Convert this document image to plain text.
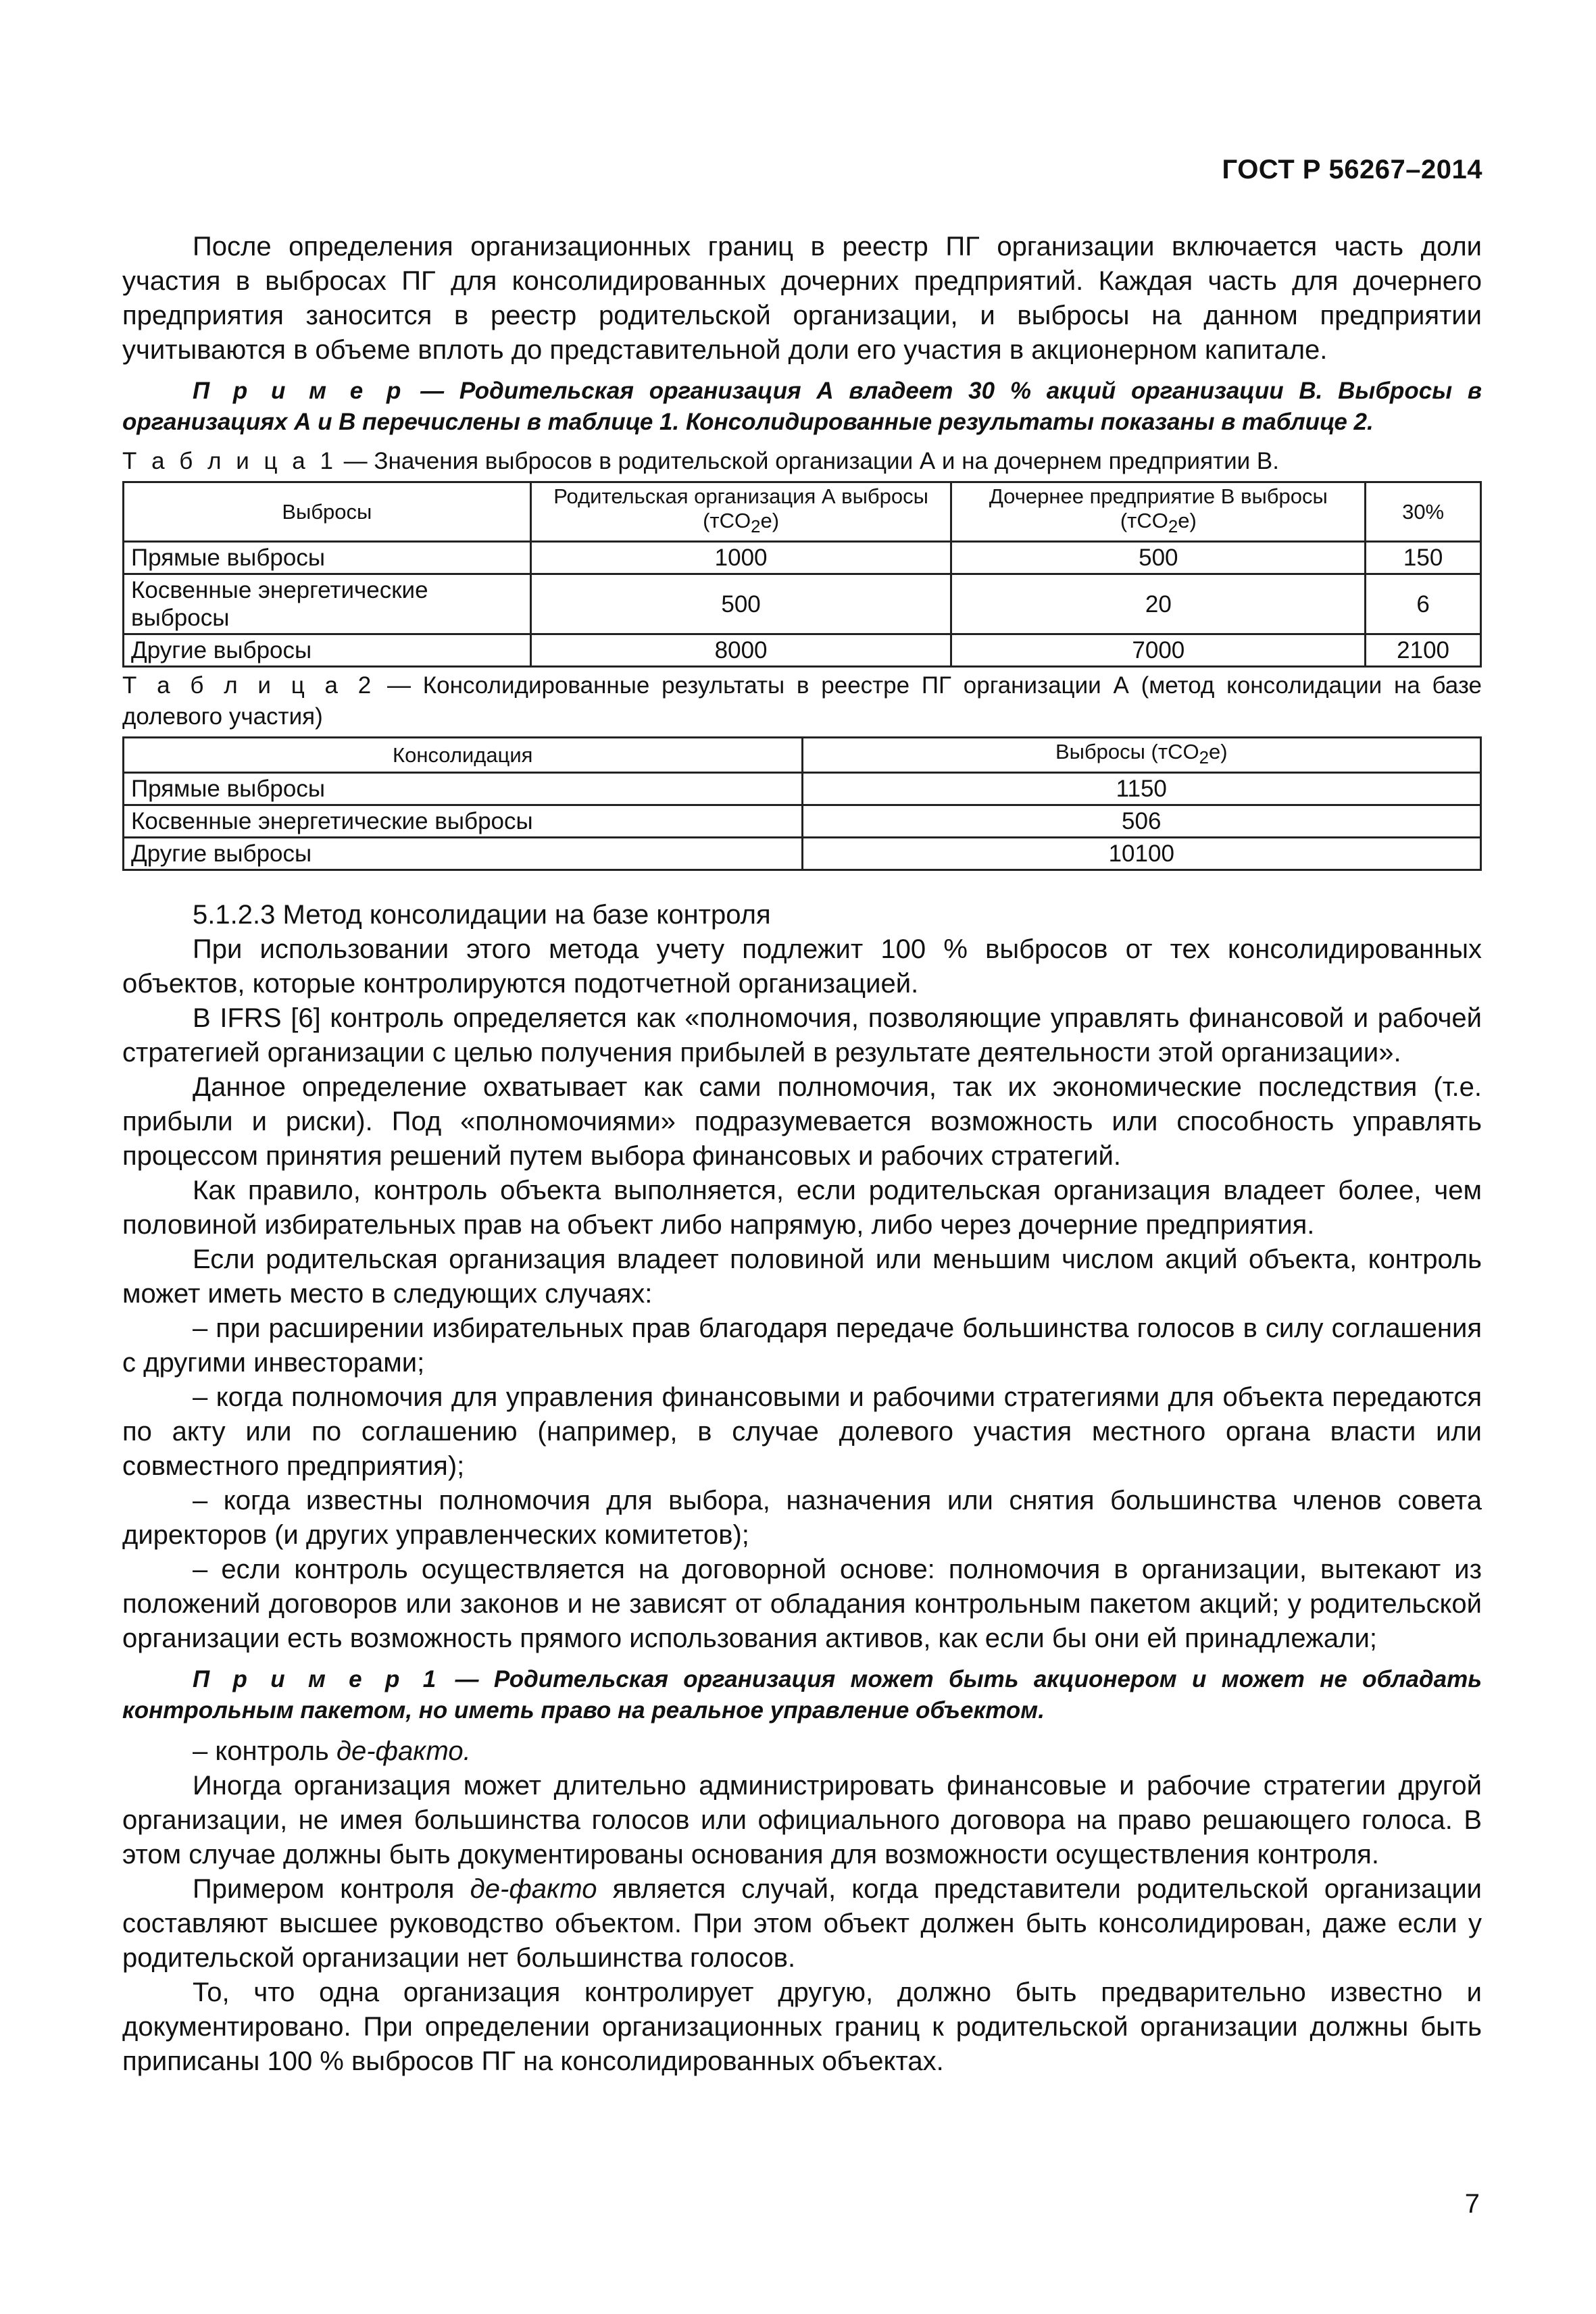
ГОСТ Р 56267–2014

После определения организационных границ в реестр ПГ организации включается часть доли участия в выбросах ПГ для консолидированных дочерних предприятий. Каждая часть для дочернего предприятия заносится в реестр родительской организации, и выбросы на данном предприятии учитываются в объеме вплоть до представительной доли его участия в акционерном капитале.

П р и м е р — Родительская организация А владеет 30 % акций организации В. Выбросы в организациях А и В перечислены в таблице 1. Консолидированные результаты показаны в таблице 2.

Т а б л и ц а 1 — Значения выбросов в родительской организации А и на дочернем предприятии В.
Выбросы	Родительская организация А выбросы (тCO$_2$e)	Дочернее предприятие В выбросы (тCO$_2$e)	30%
Прямые выбросы	1000	500	150
Косвенные энергетические выбросы	500	20	6
Другие выбросы	8000	7000	2100
Т а б л и ц а 2 — Консолидированные результаты в реестре ПГ организации А (метод консолидации на базе долевого участия)
Консолидация	Выбросы (тCO$_2$e)
Прямые выбросы	1150
Косвенные энергетические выбросы	506
Другие выбросы	10100

5.1.2.3 Метод консолидации на базе контроля

При использовании этого метода учету подлежит 100 % выбросов от тех консолидированных объектов, которые контролируются подотчетной организацией.

В IFRS [6] контроль определяется как «полномочия, позволяющие управлять финансовой и рабочей стратегией организации с целью получения прибылей в результате деятельности этой организации».

Данное определение охватывает как сами полномочия, так их экономические последствия (т.е. прибыли и риски). Под «полномочиями» подразумевается возможность или способность управлять процессом принятия решений путем выбора финансовых и рабочих стратегий.

Как правило, контроль объекта выполняется, если родительская организация владеет более, чем половиной избирательных прав на объект либо напрямую, либо через дочерние предприятия.

Если родительская организация владеет половиной или меньшим числом акций объекта, контроль может иметь место в следующих случаях:

– при расширении избирательных прав благодаря передаче большинства голосов в силу соглашения с другими инвесторами;

– когда полномочия для управления финансовыми и рабочими стратегиями для объекта передаются по акту или по соглашению (например, в случае долевого участия местного органа власти или совместного предприятия);

– когда известны полномочия для выбора, назначения или снятия большинства членов совета директоров (и других управленческих комитетов);

– если контроль осуществляется на договорной основе: полномочия в организации, вытекают из положений договоров или законов и не зависят от обладания контрольным пакетом акций; у родительской организации есть возможность прямого использования активов, как если бы они ей принадлежали;

П р и м е р 1 — Родительская организация может быть акционером и может не обладать контрольным пакетом, но иметь право на реальное управление объектом.

– контроль де-факто.

Иногда организация может длительно администрировать финансовые и рабочие стратегии другой организации, не имея большинства голосов или официального договора на право решающего голоса. В этом случае должны быть документированы основания для возможности осуществления контроля.

Примером контроля де-факто является случай, когда представители родительской организации составляют высшее руководство объектом. При этом объект должен быть консолидирован, даже если у родительской организации нет большинства голосов.

То, что одна организация контролирует другую, должно быть предварительно известно и документировано. При определении организационных границ к родительской организации должны быть приписаны 100 % выбросов ПГ на консолидированных объектах.

7
